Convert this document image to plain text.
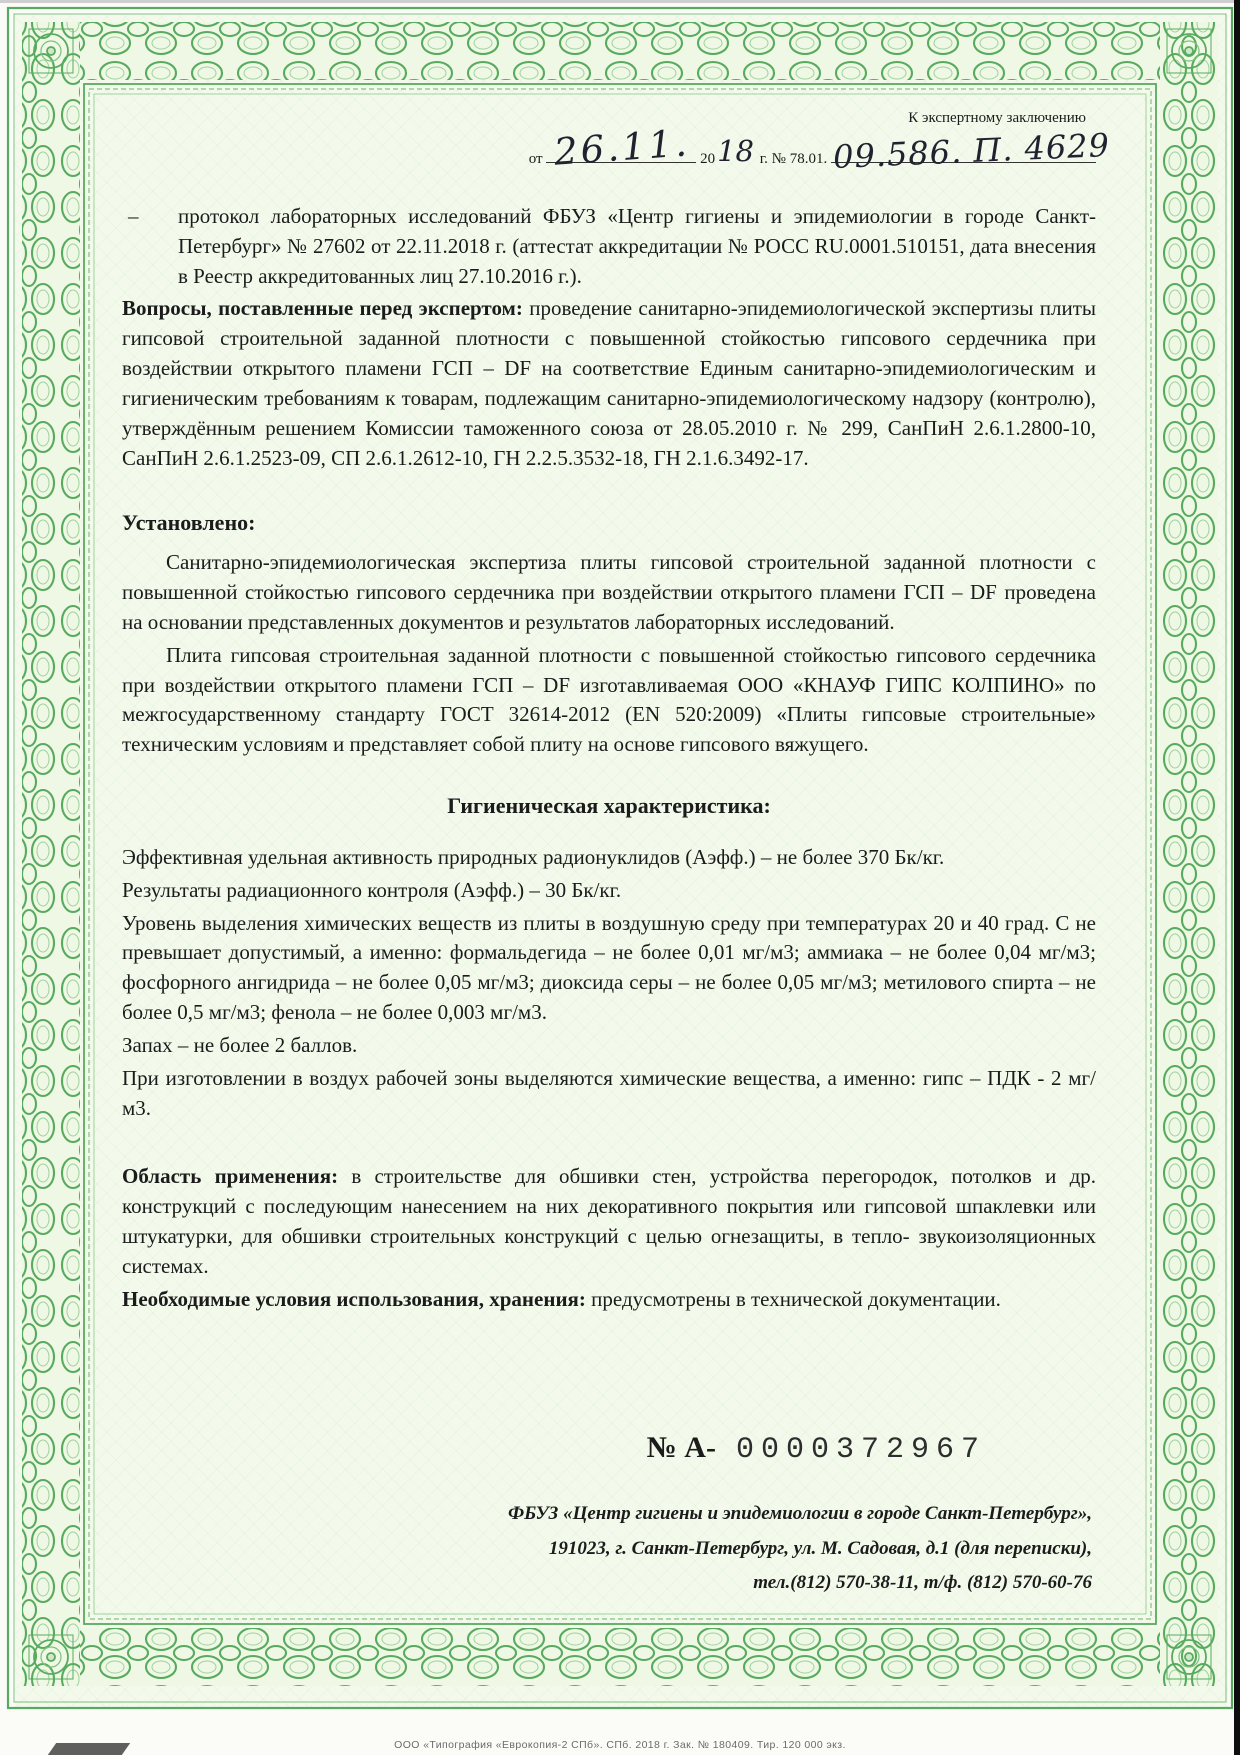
К экспертному заключению
от 26.11. 2018 г. № 78.01. 09.586. П. 4629

– протокол лабораторных исследований ФБУЗ «Центр гигиены и эпидемиологии в городе Санкт-Петербург» № 27602 от 22.11.2018 г. (аттестат аккредитации № РОСС RU.0001.510151, дата внесения в Реестр аккредитованных лиц 27.10.2016 г.).

Вопросы, поставленные перед экспертом: проведение санитарно-эпидемиологической экспертизы плиты гипсовой строительной заданной плотности с повышенной стойкостью гипсового сердечника при воздействии открытого пламени ГСП – DF на соответствие Единым санитарно-эпидемиологическим и гигиеническим требованиям к товарам, подлежащим санитарно-эпидемиологическому надзору (контролю), утверждённым решением Комиссии таможенного союза от 28.05.2010 г. № 299, СанПиН 2.6.1.2800-10, СанПиН 2.6.1.2523-09, СП 2.6.1.2612-10, ГН 2.2.5.3532-18, ГН 2.1.6.3492-17.

Установлено:

Санитарно-эпидемиологическая экспертиза плиты гипсовой строительной заданной плотности с повышенной стойкостью гипсового сердечника при воздействии открытого пламени ГСП – DF проведена на основании представленных документов и результатов лабораторных исследований.

Плита гипсовая строительная заданной плотности с повышенной стойкостью гипсового сердечника при воздействии открытого пламени ГСП – DF изготавливаемая ООО «КНАУФ ГИПС КОЛПИНО» по межгосударственному стандарту ГОСТ 32614-2012 (EN 520:2009) «Плиты гипсовые строительные» техническим условиям и представляет собой плиту на основе гипсового вяжущего.

Гигиеническая характеристика:

Эффективная удельная активность природных радионуклидов (Аэфф.) – не более 370 Бк/кг.

Результаты радиационного контроля (Аэфф.) – 30 Бк/кг.

Уровень выделения химических веществ из плиты в воздушную среду при температурах 20 и 40 град. С не превышает допустимый, а именно: формальдегида – не более 0,01 мг/м3; аммиака – не более 0,04 мг/м3; фосфорного ангидрида – не более 0,05 мг/м3; диоксида серы – не более 0,05 мг/м3; метилового спирта – не более 0,5 мг/м3; фенола – не более 0,003 мг/м3.

Запах – не более 2 баллов.

При изготовлении в воздух рабочей зоны выделяются химические вещества, а именно: гипс – ПДК - 2 мг/м3.

Область применения: в строительстве для обшивки стен, устройства перегородок, потолков и др. конструкций с последующим нанесением на них декоративного покрытия или гипсовой шпаклевки или штукатурки, для обшивки строительных конструкций с целью огнезащиты, в тепло- звукоизоляционных системах.

Необходимые условия использования, хранения: предусмотрены в технической документации.

№ А- 0000372967
ФБУЗ «Центр гигиены и эпидемиологии в городе Санкт-Петербург»,
191023, г. Санкт-Петербург, ул. М. Садовая, д.1 (для переписки),
тел.(812) 570-38-11, т/ф. (812) 570-60-76
ООО «Типография «Еврокопия-2 СПб». СПб. 2018 г. Зак. № 180409. Тир. 120 000 экз.
